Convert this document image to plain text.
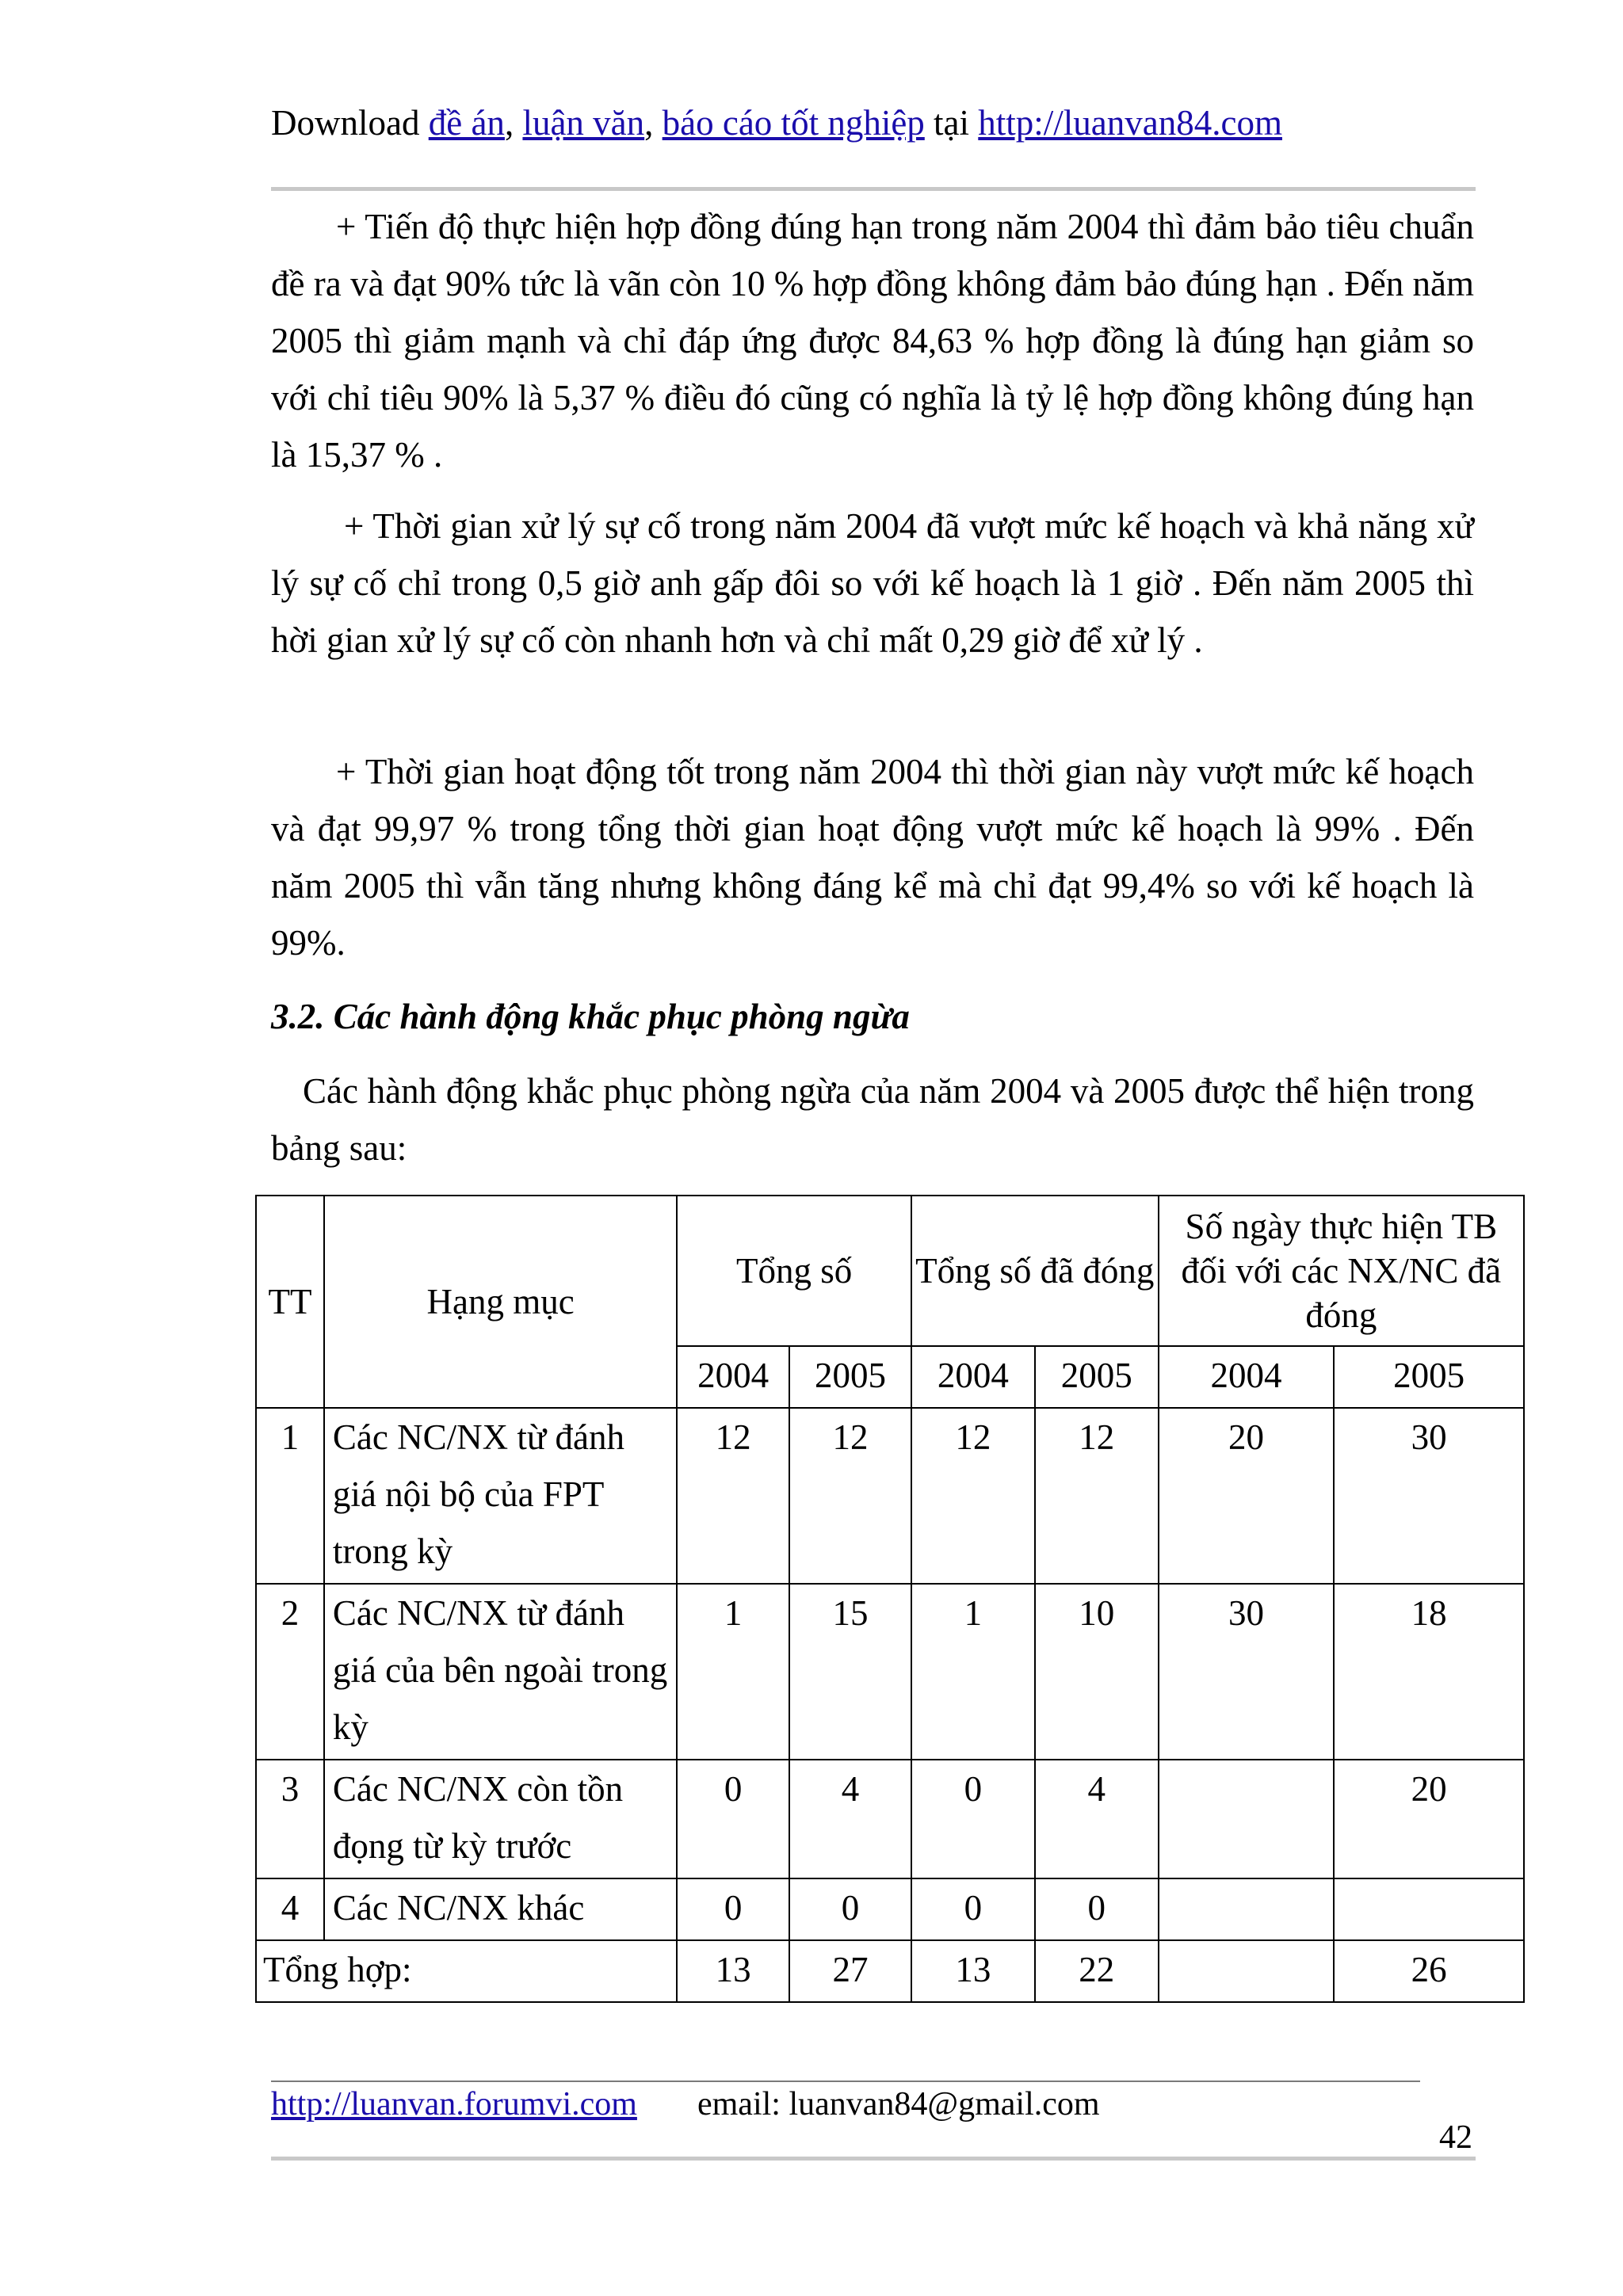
Download đề án, luận văn, báo cáo tốt nghiệp tại http://luanvan84.com

+ Tiến độ thực hiện hợp đồng đúng hạn trong năm 2004 thì đảm bảo tiêu chuẩn đề ra và đạt 90% tức là vãn còn 10 % hợp đồng không đảm bảo đúng hạn . Đến năm 2005 thì giảm mạnh và chỉ đáp ứng được 84,63 % hợp đồng là đúng hạn giảm so với chỉ tiêu 90% là 5,37 % điều đó cũng có nghĩa là tỷ lệ hợp đồng không đúng hạn là 15,37 % .

+ Thời gian xử lý sự cố trong năm 2004 đã vượt mức kế hoạch và khả năng xử lý sự cố chỉ trong 0,5 giờ anh gấp đôi so với kế hoạch là 1 giờ . Đến năm 2005 thì hời gian xử lý sự cố còn nhanh hơn và chỉ mất 0,29 giờ để xử lý .

+ Thời gian hoạt động tốt trong năm 2004 thì thời gian này vượt mức kế hoạch và đạt 99,97 % trong tổng thời gian hoạt động vượt mức kế hoạch là 99% . Đến năm 2005 thì vẫn tăng nhưng không đáng kể mà chỉ đạt 99,4% so với kế hoạch là 99%.

3.2. Các hành động khắc phục phòng ngừa

Các hành động khắc phục phòng ngừa của năm 2004 và 2005 được thể hiện trong bảng sau:

TT	Hạng mục	Tổng số		Tổng số đã đóng		Số ngày thực hiện TB đối với các NX/NC đã đóng	
		2004	2005	2004	2005	2004	2005
1	Các NC/NX từ đánh giá nội bộ của FPT trong kỳ	12	12	12	12	20	30
2	Các NC/NX từ đánh giá của bên ngoài trong kỳ	1	15	1	10	30	18
3	Các NC/NX còn tồn đọng từ kỳ trước	0	4	0	4		20
4	Các NC/NX khác	0	0	0	0		
Tổng hợp:		13	27	13	22		26
http://luanvan.forumvi.com email: luanvan84@gmail.com
42
